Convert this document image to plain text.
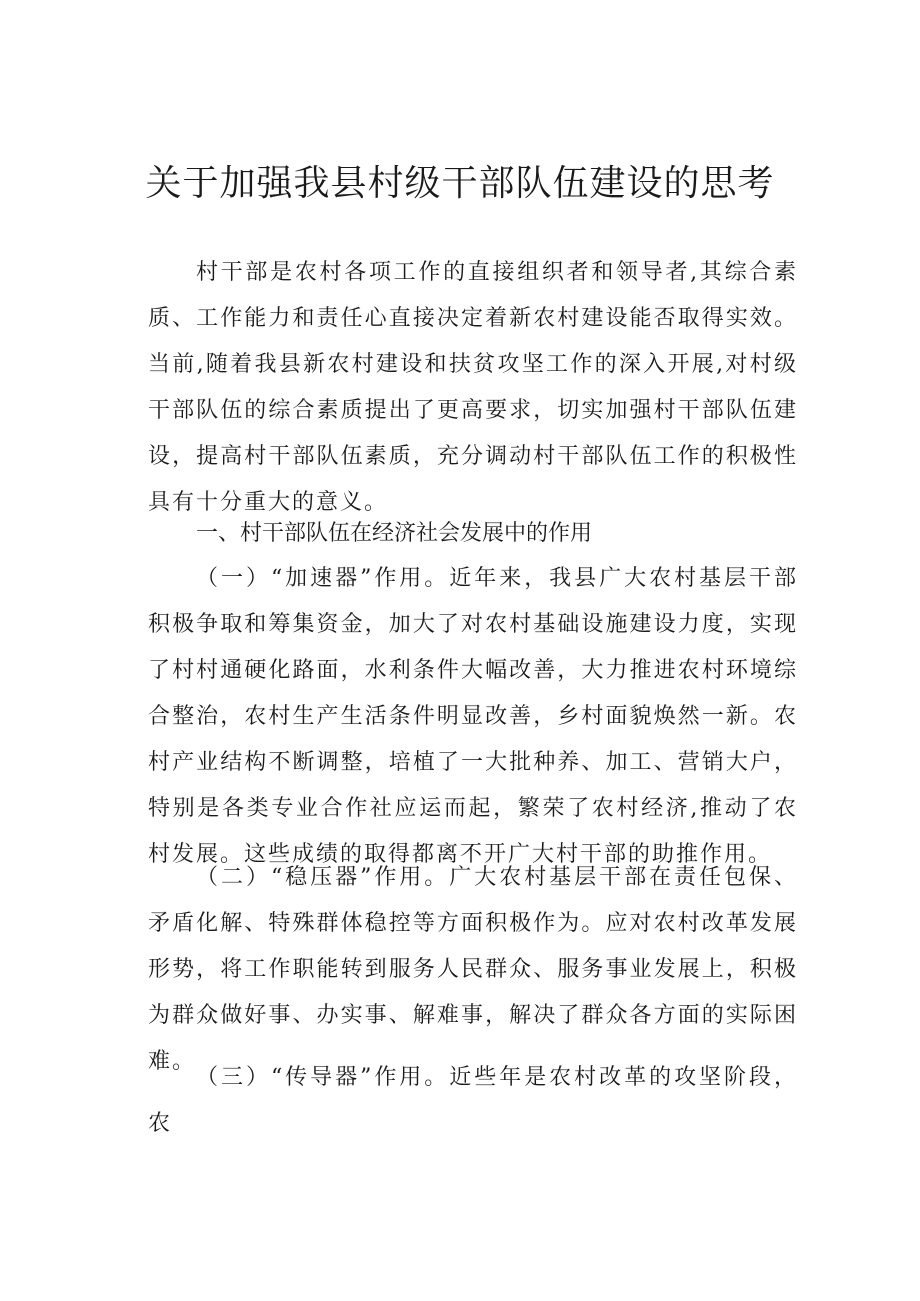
关于加强我县村级干部队伍建设的思考

村干部是农村各项工作的直接组织者和领导者,其综合素质、工作能力和责任心直接决定着新农村建设能否取得实效。当前,随着我县新农村建设和扶贫攻坚工作的深入开展,对村级干部队伍的综合素质提出了更高要求，切实加强村干部队伍建设，提高村干部队伍素质，充分调动村干部队伍工作的积极性具有十分重大的意义。

一、村干部队伍在经济社会发展中的作用

（一）“加速器”作用。近年来，我县广大农村基层干部积极争取和筹集资金，加大了对农村基础设施建设力度，实现了村村通硬化路面，水利条件大幅改善，大力推进农村环境综合整治，农村生产生活条件明显改善，乡村面貌焕然一新。农村产业结构不断调整，培植了一大批种养、加工、营销大户，特别是各类专业合作社应运而起，繁荣了农村经济,推动了农村发展。这些成绩的取得都离不开广大村干部的助推作用。

（二）“稳压器”作用。广大农村基层干部在责任包保、矛盾化解、特殊群体稳控等方面积极作为。应对农村改革发展形势，将工作职能转到服务人民群众、服务事业发展上，积极为群众做好事、办实事、解难事，解决了群众各方面的实际困难。

（三）“传导器”作用。近些年是农村改革的攻坚阶段，农
